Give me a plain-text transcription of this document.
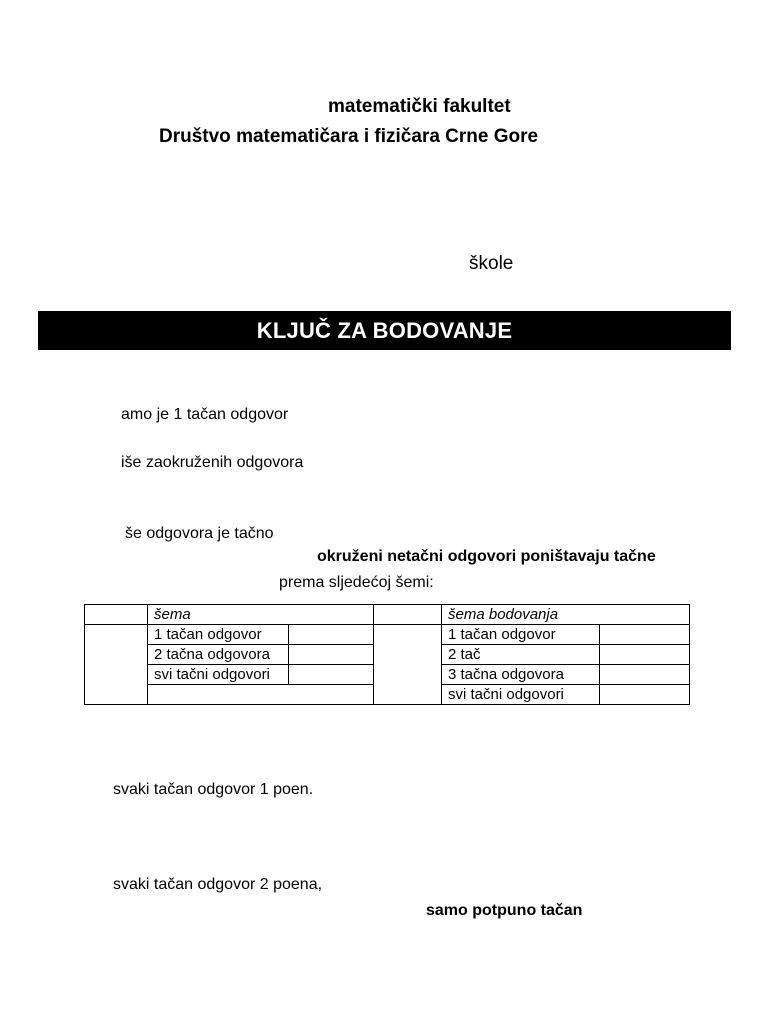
matematički fakultet
Društvo matematičara i fizičara Crne Gore
škole
KLJUČ ZA BODOVANJE
amo je 1 tačan odgovor
iše zaokruženih odgovora
še odgovora je tačno
okruženi netačni odgovori poništavaju tačne
prema sljedećoj šemi:
	šema			šema bodovanja	
	1 tačan odgovor			1 tačan odgovor	
	2 tačna odgovora			2 tač	
	svi tačni odgovori			3 tačna odgovora	
				svi tačni odgovori	
svaki tačan odgovor 1 poen.
svaki tačan odgovor 2 poena,
samo potpuno tačan
